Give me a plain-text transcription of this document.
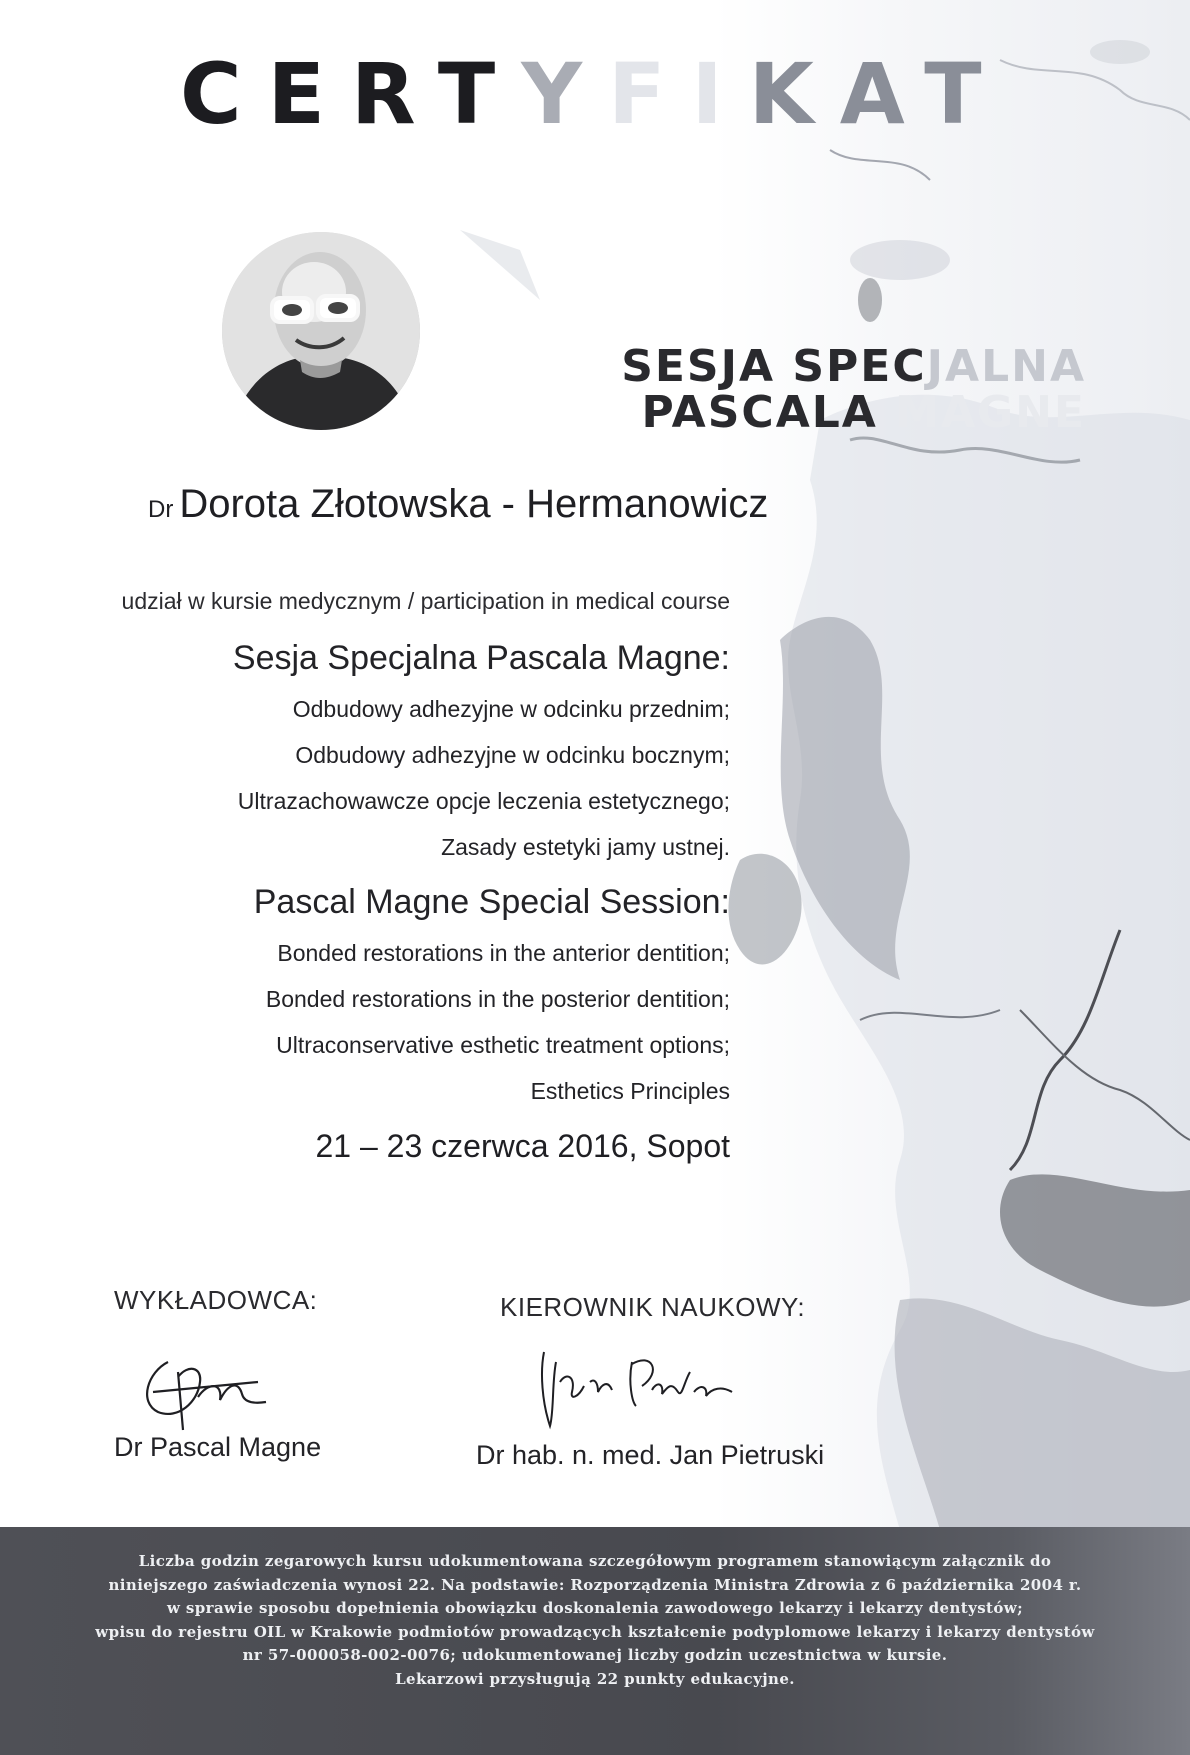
CERTYFIKAT
SESJA SPECJALNA
PASCALA MAGNE
Dr Dorota Złotowska - Hermanowicz
udział w kursie medycznym / participation in medical course
Sesja Specjalna Pascala Magne:
Odbudowy adhezyjne w odcinku przednim;
Odbudowy adhezyjne w odcinku bocznym;
Ultrazachowawcze opcje leczenia estetycznego;
Zasady estetyki jamy ustnej.
Pascal Magne Special Session:
Bonded restorations in the anterior dentition;
Bonded restorations in the posterior dentition;
Ultraconservative esthetic treatment options;
Esthetics Principles
21 – 23 czerwca 2016, Sopot
WYKŁADOWCA:	KIEROWNIK NAUKOWY:
Dr Pascal Magne	Dr hab. n. med. Jan Pietruski
Liczba godzin zegarowych kursu udokumentowana szczegółowym programem stanowiącym załącznik do
niniejszego zaświadczenia wynosi 22. Na podstawie: Rozporządzenia Ministra Zdrowia z 6 października 2004 r.
w sprawie sposobu dopełnienia obowiązku doskonalenia zawodowego lekarzy i lekarzy dentystów;
wpisu do rejestru OIL w Krakowie podmiotów prowadzących kształcenie podyplomowe lekarzy i lekarzy dentystów
nr 57-000058-002-0076; udokumentowanej liczby godzin uczestnictwa w kursie.
Lekarzowi przysługują 22 punkty edukacyjne.
